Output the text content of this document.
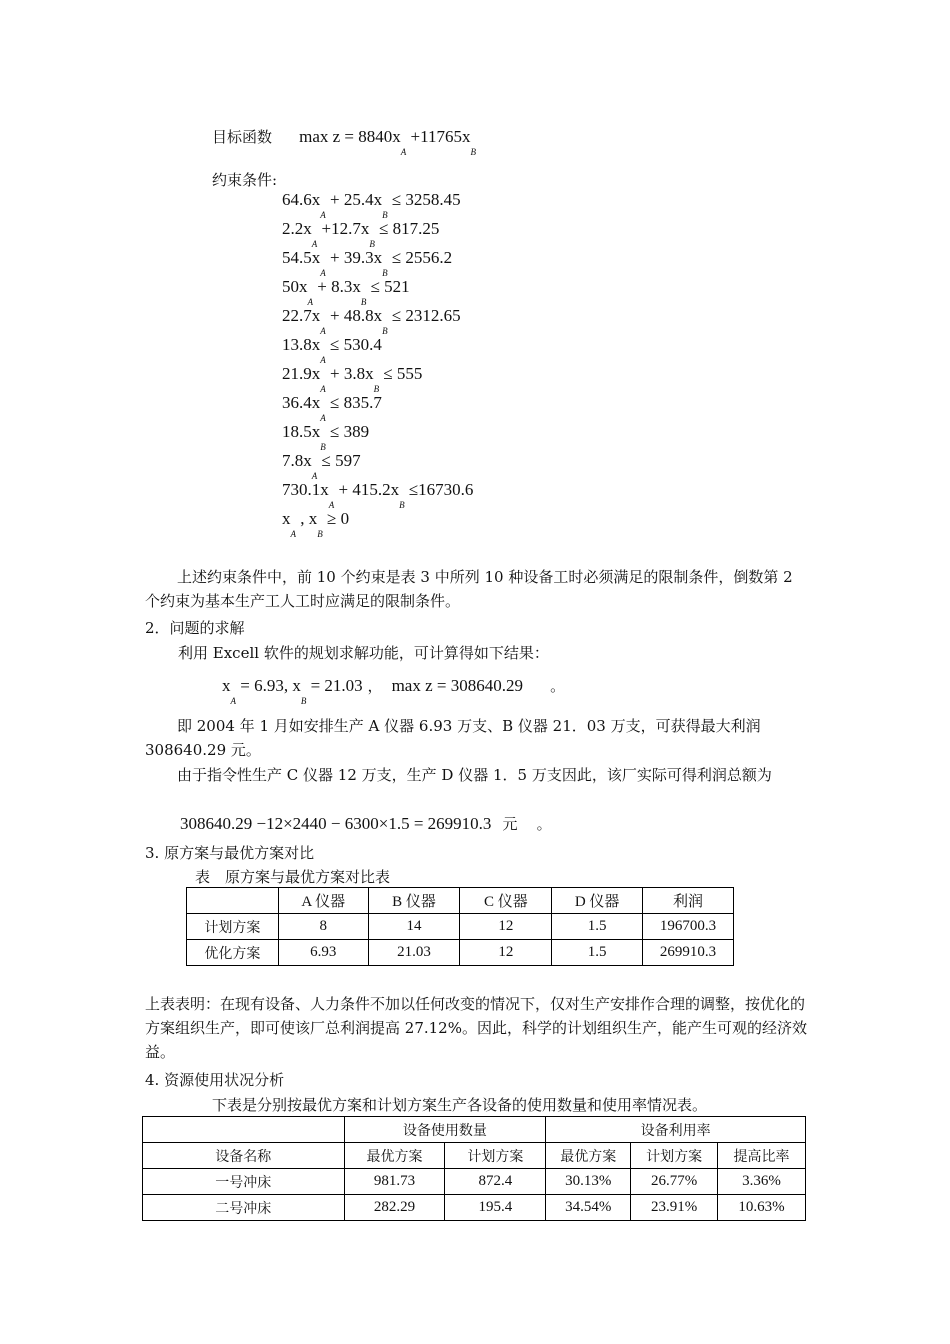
目标函数 $\max z = 8840x_A +11765x_B$
约束条件:
$64.6x_A + 25.4x_B \le 3258.45$
$2.2x_A +12.7x_B \le 817.25$
$54.5x_A + 39.3x_B \le 2556.2$
$50x_A + 8.3x_B \le 521$
$22.7x_A + 48.8x_B \le 2312.65$
$13.8x_A \le 530.4$
$21.9x_A + 3.8x_B \le 555$
$36.4x_A \le 835.7$
$18.5x_B \le 389$
$7.8x_A \le 597$
$730.1x_A + 415.2x_B \le 16730.6$
$x_A$ , $x_B \ge 0$
上述约束条件中，前 10 个约束是表 3 中所列 10 种设备工时必须满足的限制条件，倒数第 2 个约束为基本生产工人工时应满足的限制条件。
2．问题的求解
利用 Excell 软件的规划求解功能，可计算得如下结果：
$x_A = 6.93$, $x_B = 21.03$ ， max z = 308640.29 。
即 2004 年 1 月如安排生产 A 仪器 6.93 万支、B 仪器 21．03 万支，可获得最大利润 308640.29 元。
由于指令性生产 C 仪器 12 万支，生产 D 仪器 1．5 万支因此，该厂实际可得利润总额为
308640.29 −12×2440 − 6300×1.5 = 269910.3 元 。
3. 原方案与最优方案对比
表　原方案与最优方案对比表
	A 仪器	B 仪器	C 仪器	D 仪器	利润
计划方案	8	14	12	1.5	196700.3
优化方案	6.93	21.03	12	1.5	269910.3
上表表明：在现有设备、人力条件不加以任何改变的情况下，仅对生产安排作合理的调整，按优化的方案组织生产，即可使该厂总利润提高 27.12%。因此，科学的计划组织生产，能产生可观的经济效益。
4. 资源使用状况分析
下表是分别按最优方案和计划方案生产各设备的使用数量和使用率情况表。
	设备使用数量		设备利用率		
设备名称	最优方案	计划方案	最优方案	计划方案	提高比率
一号冲床	981.73	872.4	30.13%	26.77%	3.36%
二号冲床	282.29	195.4	34.54%	23.91%	10.63%
